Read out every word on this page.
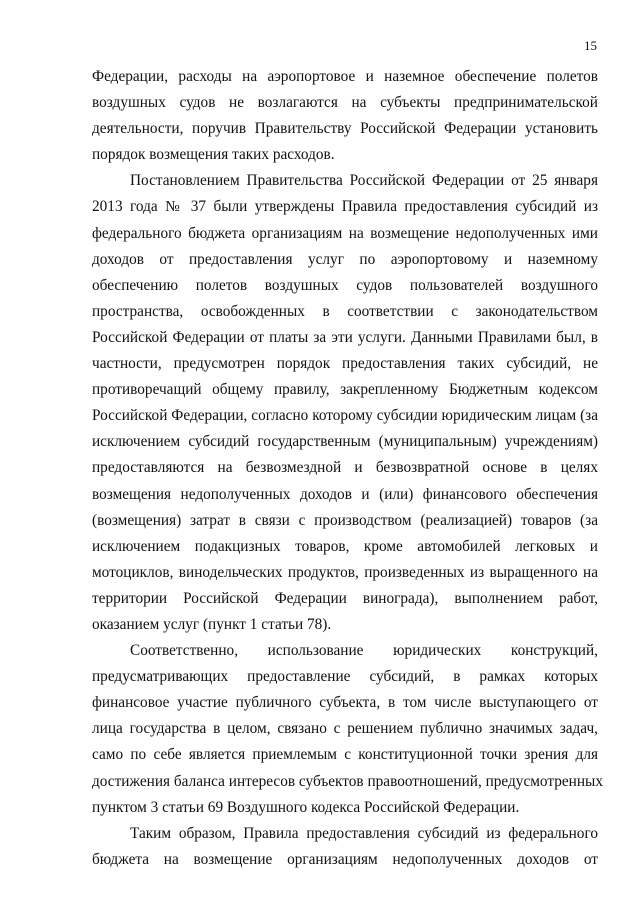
15
Федерации, расходы на аэропортовое и наземное обеспечение полетов
воздушных судов не возлагаются на субъекты предпринимательской
деятельности, поручив Правительству Российской Федерации установить
порядок возмещения таких расходов.
Постановлением Правительства Российской Федерации от 25 января
2013 года № 37 были утверждены Правила предоставления субсидий из
федерального бюджета организациям на возмещение недополученных ими
доходов от предоставления услуг по аэропортовому и наземному
обеспечению полетов воздушных судов пользователей воздушного
пространства, освобожденных в соответствии с законодательством
Российской Федерации от платы за эти услуги. Данными Правилами был, в
частности, предусмотрен порядок предоставления таких субсидий, не
противоречащий общему правилу, закрепленному Бюджетным кодексом
Российской Федерации, согласно которому субсидии юридическим лицам (за
исключением субсидий государственным (муниципальным) учреждениям)
предоставляются на безвозмездной и безвозвратной основе в целях
возмещения недополученных доходов и (или) финансового обеспечения
(возмещения) затрат в связи с производством (реализацией) товаров (за
исключением подакцизных товаров, кроме автомобилей легковых и
мотоциклов, винодельческих продуктов, произведенных из выращенного на
территории Российской Федерации винограда), выполнением работ,
оказанием услуг (пункт 1 статьи 78).
Соответственно, использование юридических конструкций,
предусматривающих предоставление субсидий, в рамках которых
финансовое участие публичного субъекта, в том числе выступающего от
лица государства в целом, связано с решением публично значимых задач,
само по себе является приемлемым с конституционной точки зрения для
достижения баланса интересов субъектов правоотношений, предусмотренных
пунктом 3 статьи 69 Воздушного кодекса Российской Федерации.
Таким образом, Правила предоставления субсидий из федерального
бюджета на возмещение организациям недополученных доходов от
